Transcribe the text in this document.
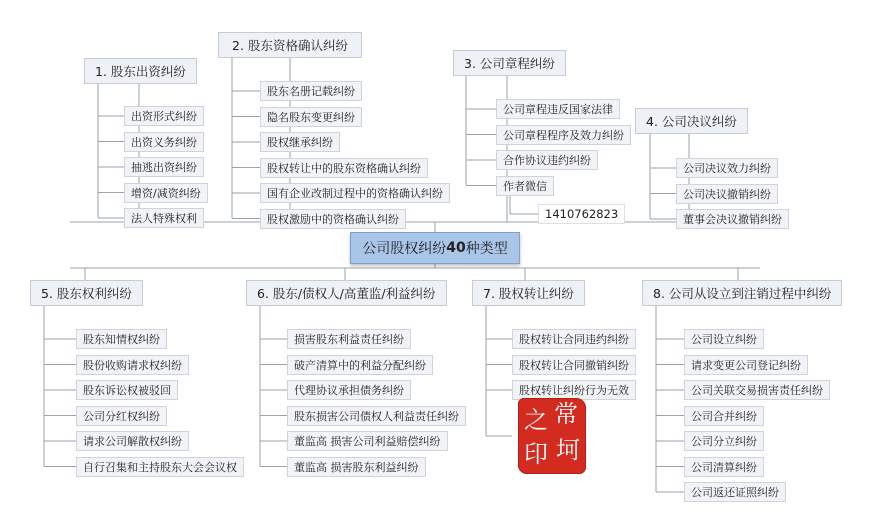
公司股权纠纷 40 种类型
1. 股东出资纠纷
出资形式纠纷
出资义务纠纷
抽逃出资纠纷
增资/减资纠纷
法人特殊权利
2. 股东资格确认纠纷
股东名册记载纠纷
隐名股东变更纠纷
股权继承纠纷
股权转让中的股东资格确认纠纷
国有企业改制过程中的资格确认纠纷
股权激励中的资格确认纠纷
3. 公司章程纠纷
公司章程违反国家法律
公司章程程序及效力纠纷
合作协议违约纠纷
作者微信
1410762823
4. 公司决议纠纷
公司决议效力纠纷
公司决议撤销纠纷
董事会决议撤销纠纷
5. 股东权利纠纷
股东知情权纠纷
股份收购请求权纠纷
股东诉讼权被驳回
公司分红权纠纷
请求公司解散权纠纷
自行召集和主持股东大会会议权
6. 股东/债权人/高董监/利益纠纷
损害股东利益责任纠纷
破产清算中的利益分配纠纷
代理协议承担债务纠纷
股东损害公司债权人利益责任纠纷
董监高 损害公司利益赔偿纠纷
董监高 损害股东利益纠纷
7. 股权转让纠纷
股权转让合同违约纠纷
股权转让合同撤销纠纷
股权转让纠纷行为无效
8. 公司从设立到注销过程中纠纷
公司设立纠纷
请求变更公司登记纠纷
公司关联交易损害责任纠纷
公司合并纠纷
公司分立纠纷
公司清算纠纷
公司返还证照纠纷
常
坷
之
印
